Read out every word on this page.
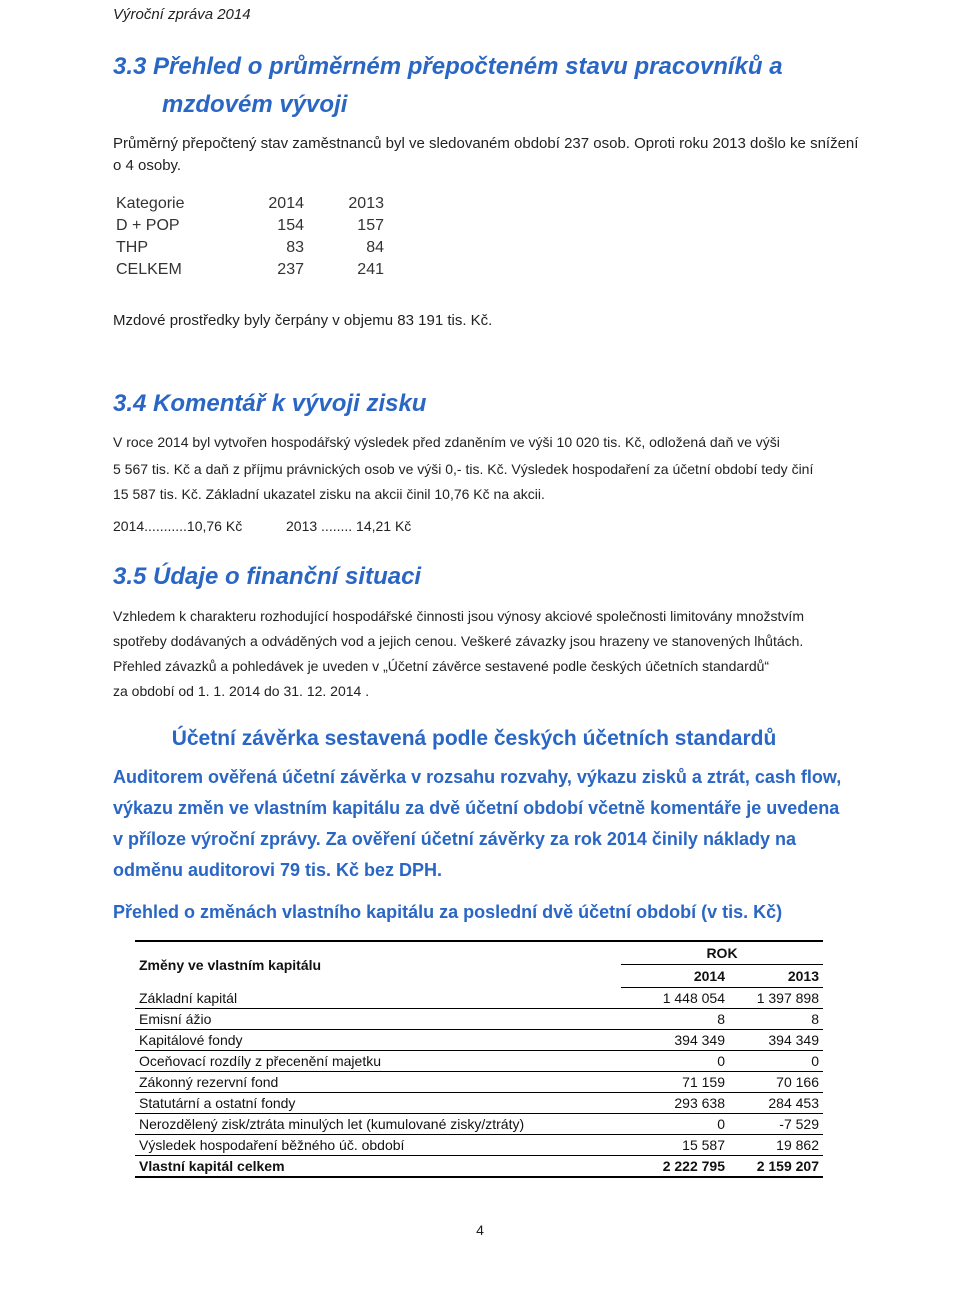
Výroční zpráva 2014
3.3 Přehled o průměrném přepočteném stavu pracovníků a
mzdovém vývoji
Průměrný přepočtený stav zaměstnanců byl ve sledovaném období 237 osob. Oproti roku 2013 došlo ke snížení
o 4 osoby.
Kategorie	2014	2013
D + POP	154	157
THP	83	84
CELKEM	237	241
Mzdové prostředky byly čerpány v objemu 83 191 tis. Kč.
3.4 Komentář k vývoji zisku
V roce 2014 byl vytvořen hospodářský výsledek před zdaněním ve výši 10 020 tis. Kč, odložená daň ve výši
5 567 tis. Kč a daň z příjmu právnických osob ve výši 0,- tis. Kč. Výsledek hospodaření za účetní období tedy činí
15 587 tis. Kč. Základní ukazatel zisku na akcii činil 10,76 Kč na akcii.
2014...........10,76 Kč	2013 ........ 14,21 Kč
3.5 Údaje o finanční situaci
Vzhledem k charakteru rozhodující hospodářské činnosti jsou výnosy akciové společnosti limitovány množstvím
spotřeby dodávaných a odváděných vod a jejich cenou. Veškeré závazky jsou hrazeny ve stanovených lhůtách.
Přehled závazků a pohledávek je uveden v „Účetní závěrce sestavené podle českých účetních standardů“
za období od 1. 1. 2014 do 31. 12. 2014 .
Účetní závěrka sestavená podle českých účetních standardů
Auditorem ověřená účetní závěrka v rozsahu rozvahy, výkazu zisků a ztrát, cash flow,
výkazu změn ve vlastním kapitálu za dvě účetní období včetně komentáře je uvedena
v příloze výroční zprávy. Za ověření účetní závěrky za rok 2014 činily náklady na
odměnu auditorovi 79 tis. Kč bez DPH.
Přehled o změnách vlastního kapitálu za poslední dvě účetní období (v tis. Kč)
Změny ve vlastním kapitálu	ROK	
	2014	2013
Základní kapitál	1 448 054	1 397 898
Emisní ážio	8	8
Kapitálové fondy	394 349	394 349
Oceňovací rozdíly z přecenění majetku	0	0
Zákonný rezervní fond	71 159	70 166
Statutární a ostatní fondy	293 638	284 453
Nerozdělený zisk/ztráta minulých let (kumulované zisky/ztráty)	0	-7 529
Výsledek hospodaření běžného úč. období	15 587	19 862
Vlastní kapitál celkem	2 222 795	2 159 207
4
